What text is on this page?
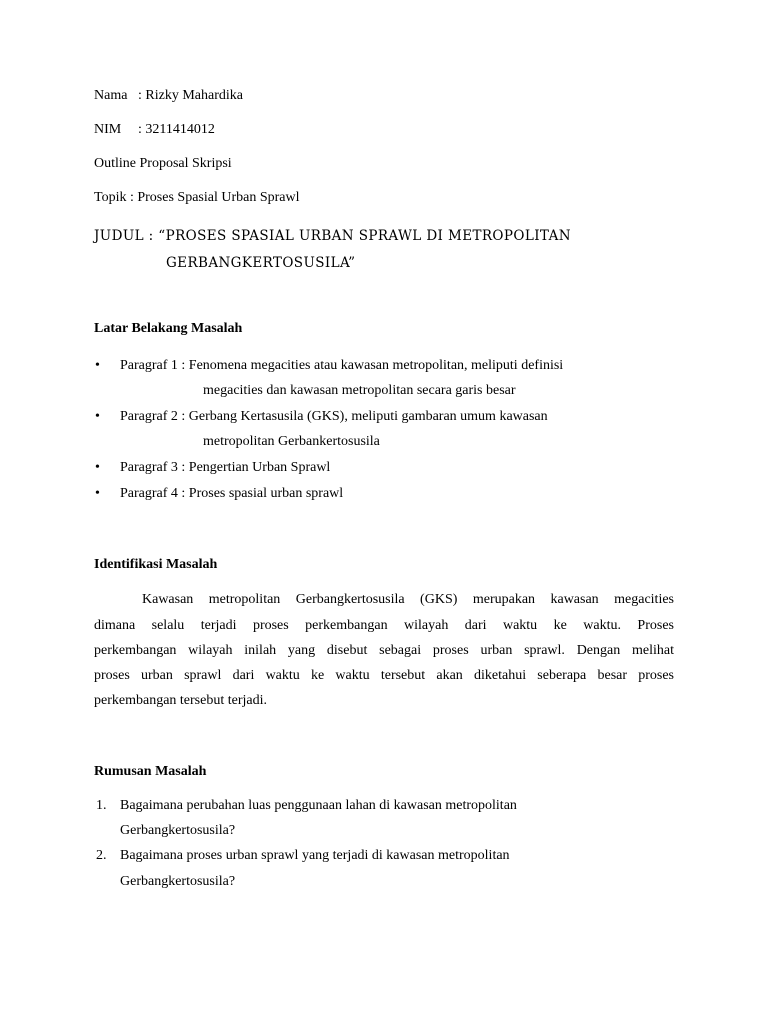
Nama : Rizky Mahardika
NIM : 3211414012
Outline Proposal Skripsi
Topik : Proses Spasial Urban Sprawl
JUDUL : “PROSES SPASIAL URBAN SPRAWL DI METROPOLITAN
GERBANGKERTOSUSILA”
Latar Belakang Masalah
• Paragraf 1 : Fenomena megacities atau kawasan metropolitan, meliputi definisi
megacities dan kawasan metropolitan secara garis besar
• Paragraf 2 : Gerbang Kertasusila (GKS), meliputi gambaran umum kawasan
metropolitan Gerbankertosusila
• Paragraf 3 : Pengertian Urban Sprawl
• Paragraf 4 : Proses spasial urban sprawl
Identifikasi Masalah
Kawasan metropolitan Gerbangkertosusila (GKS) merupakan kawasan megacities
dimana selalu terjadi proses perkembangan wilayah dari waktu ke waktu. Proses
perkembangan wilayah inilah yang disebut sebagai proses urban sprawl. Dengan melihat
proses urban sprawl dari waktu ke waktu tersebut akan diketahui seberapa besar proses
perkembangan tersebut terjadi.
Rumusan Masalah
1. Bagaimana perubahan luas penggunaan lahan di kawasan metropolitan
Gerbangkertosusila?
2. Bagaimana proses urban sprawl yang terjadi di kawasan metropolitan
Gerbangkertosusila?
